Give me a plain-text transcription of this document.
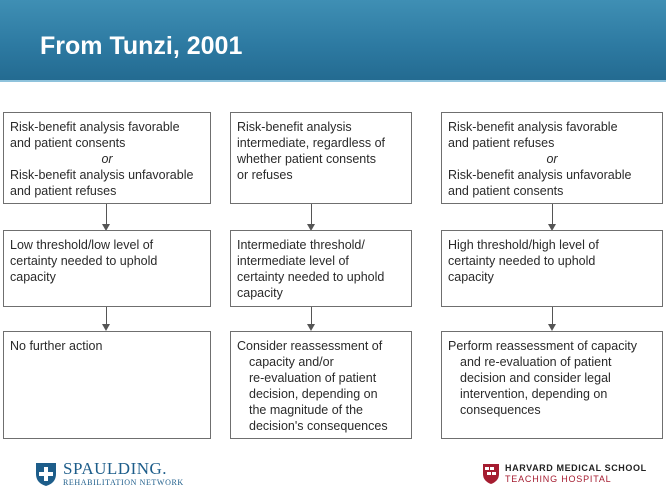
From Tunzi, 2001
Risk-benefit analysis favorable
and patient consents
or
Risk-benefit analysis unfavorable
and patient refuses
Low threshold/low level of
certainty needed to uphold
capacity
No further action
Risk-benefit analysis
intermediate, regardless of
whether patient consents
or refuses
Intermediate threshold/
intermediate level of
certainty needed to uphold
capacity
Consider reassessment of
capacity and/or
re-evaluation of patient
decision, depending on
the magnitude of the
decision's consequences
Risk-benefit analysis favorable
and patient refuses
or
Risk-benefit analysis unfavorable
and patient consents
High threshold/high level of
certainty needed to uphold
capacity
Perform reassessment of capacity
and re-evaluation of patient
decision and consider legal
intervention, depending on
consequences
SPAULDING.
REHABILITATION NETWORK
HARVARD MEDICAL SCHOOL
TEACHING HOSPITAL
